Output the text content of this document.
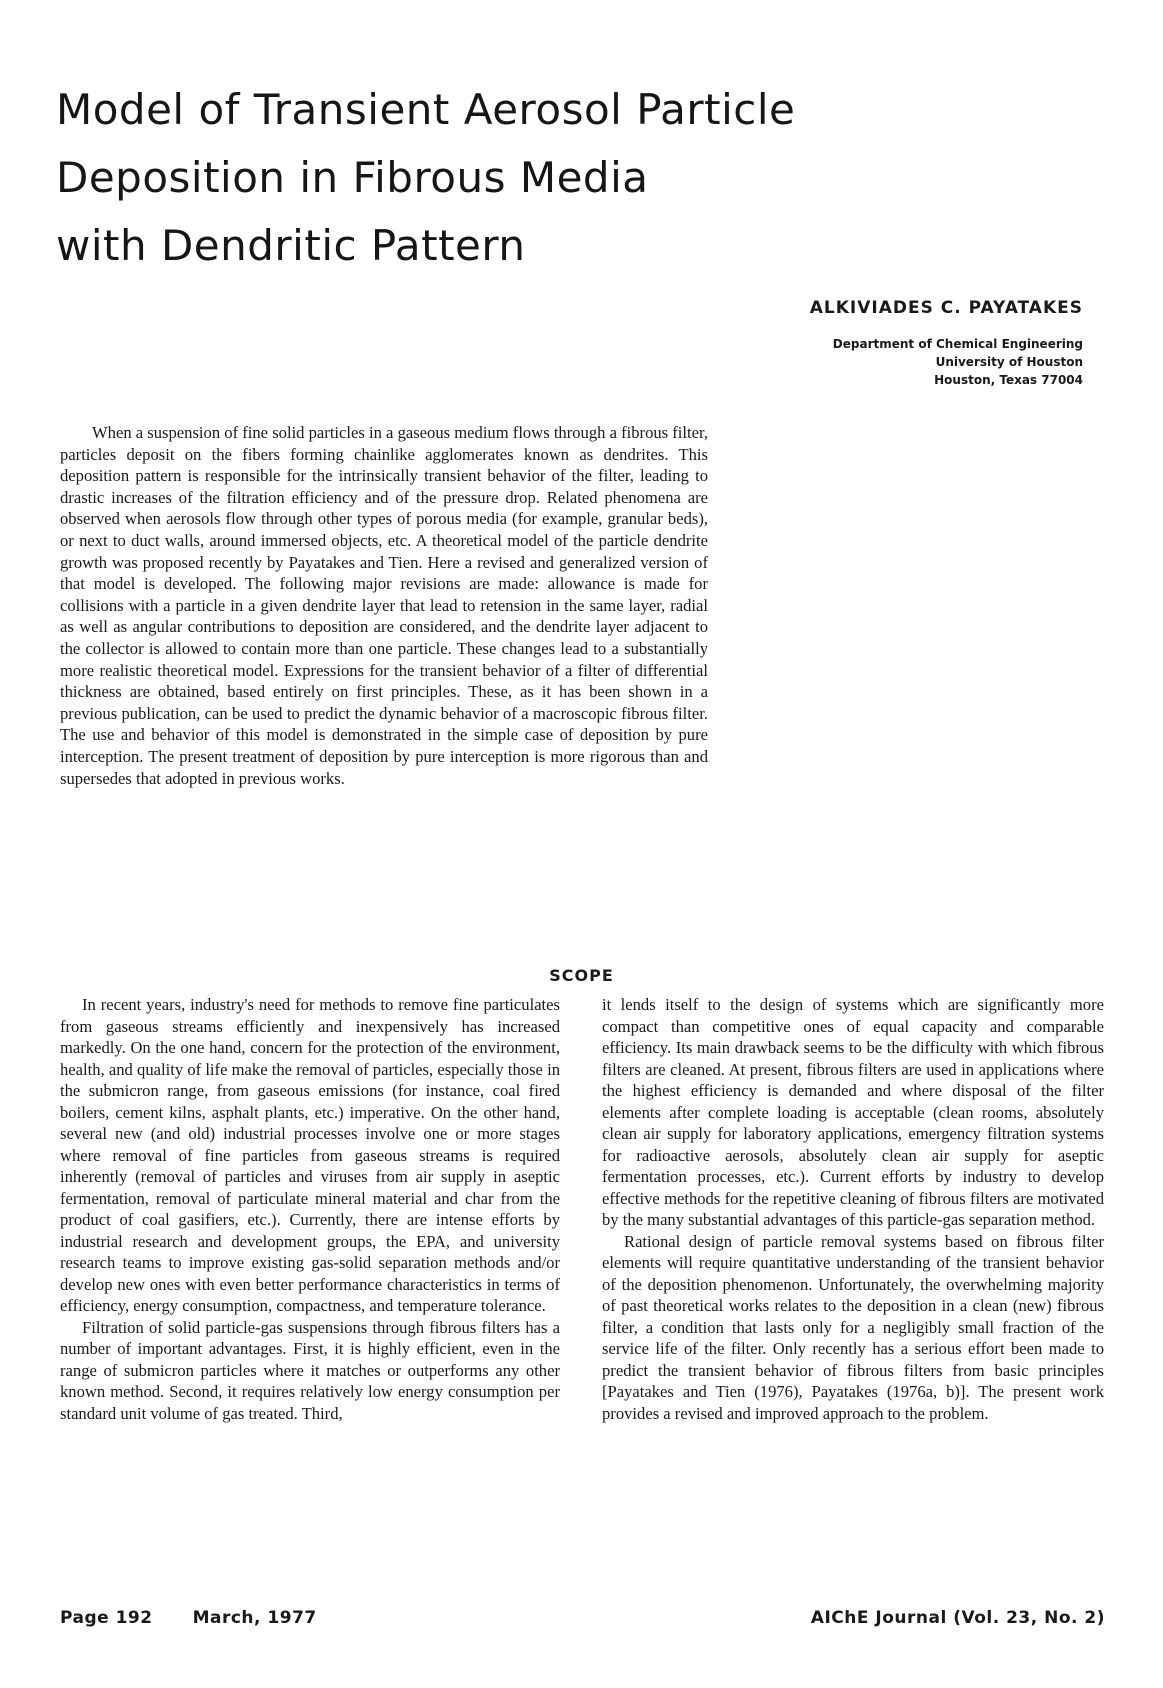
Model of Transient Aerosol Particle
Deposition in Fibrous Media
with Dendritic Pattern
ALKIVIADES C. PAYATAKES
Department of Chemical Engineering
University of Houston
Houston, Texas 77004

When a suspension of fine solid particles in a gaseous medium flows through a fibrous filter, particles deposit on the fibers forming chainlike agglomerates known as dendrites. This deposition pattern is responsible for the intrinsically transient behavior of the filter, leading to drastic increases of the filtration efficiency and of the pressure drop. Related phenomena are observed when aerosols flow through other types of porous media (for example, granular beds), or next to duct walls, around immersed objects, etc. A theoretical model of the particle dendrite growth was proposed recently by Payatakes and Tien. Here a revised and generalized version of that model is developed. The following major revisions are made: allowance is made for collisions with a particle in a given dendrite layer that lead to retension in the same layer, radial as well as angular contributions to deposition are considered, and the dendrite layer adjacent to the collector is allowed to contain more than one particle. These changes lead to a substantially more realistic theoretical model. Expressions for the transient behavior of a filter of differential thickness are obtained, based entirely on first principles. These, as it has been shown in a previous publication, can be used to predict the dynamic behavior of a macroscopic fibrous filter. The use and behavior of this model is demonstrated in the simple case of deposition by pure interception. The present treatment of deposition by pure interception is more rigorous than and supersedes that adopted in previous works.

SCOPE

In recent years, industry's need for methods to remove fine particulates from gaseous streams efficiently and inexpensively has increased markedly. On the one hand, concern for the protection of the environment, health, and quality of life make the removal of particles, especially those in the submicron range, from gaseous emissions (for instance, coal fired boilers, cement kilns, asphalt plants, etc.) imperative. On the other hand, several new (and old) industrial processes involve one or more stages where removal of fine particles from gaseous streams is required inherently (removal of particles and viruses from air supply in aseptic fermentation, removal of particulate mineral material and char from the product of coal gasifiers, etc.). Currently, there are intense efforts by industrial research and development groups, the EPA, and university research teams to improve existing gas-solid separation methods and/or develop new ones with even better performance characteristics in terms of efficiency, energy consumption, compactness, and temperature tolerance.

Filtration of solid particle-gas suspensions through fibrous filters has a number of important advantages. First, it is highly efficient, even in the range of submicron particles where it matches or outperforms any other known method. Second, it requires relatively low energy consumption per standard unit volume of gas treated. Third,

it lends itself to the design of systems which are significantly more compact than competitive ones of equal capacity and comparable efficiency. Its main drawback seems to be the difficulty with which fibrous filters are cleaned. At present, fibrous filters are used in applications where the highest efficiency is demanded and where disposal of the filter elements after complete loading is acceptable (clean rooms, absolutely clean air supply for laboratory applications, emergency filtration systems for radioactive aerosols, absolutely clean air supply for aseptic fermentation processes, etc.). Current efforts by industry to develop effective methods for the repetitive cleaning of fibrous filters are motivated by the many substantial advantages of this particle-gas separation method.

Rational design of particle removal systems based on fibrous filter elements will require quantitative understanding of the transient behavior of the deposition phenomenon. Unfortunately, the overwhelming majority of past theoretical works relates to the deposition in a clean (new) fibrous filter, a condition that lasts only for a negligibly small fraction of the service life of the filter. Only recently has a serious effort been made to predict the transient behavior of fibrous filters from basic principles [Payatakes and Tien (1976), Payatakes (1976a, b)]. The present work provides a revised and improved approach to the problem.

Page 192 March, 1977	AIChE Journal (Vol. 23, No. 2)
